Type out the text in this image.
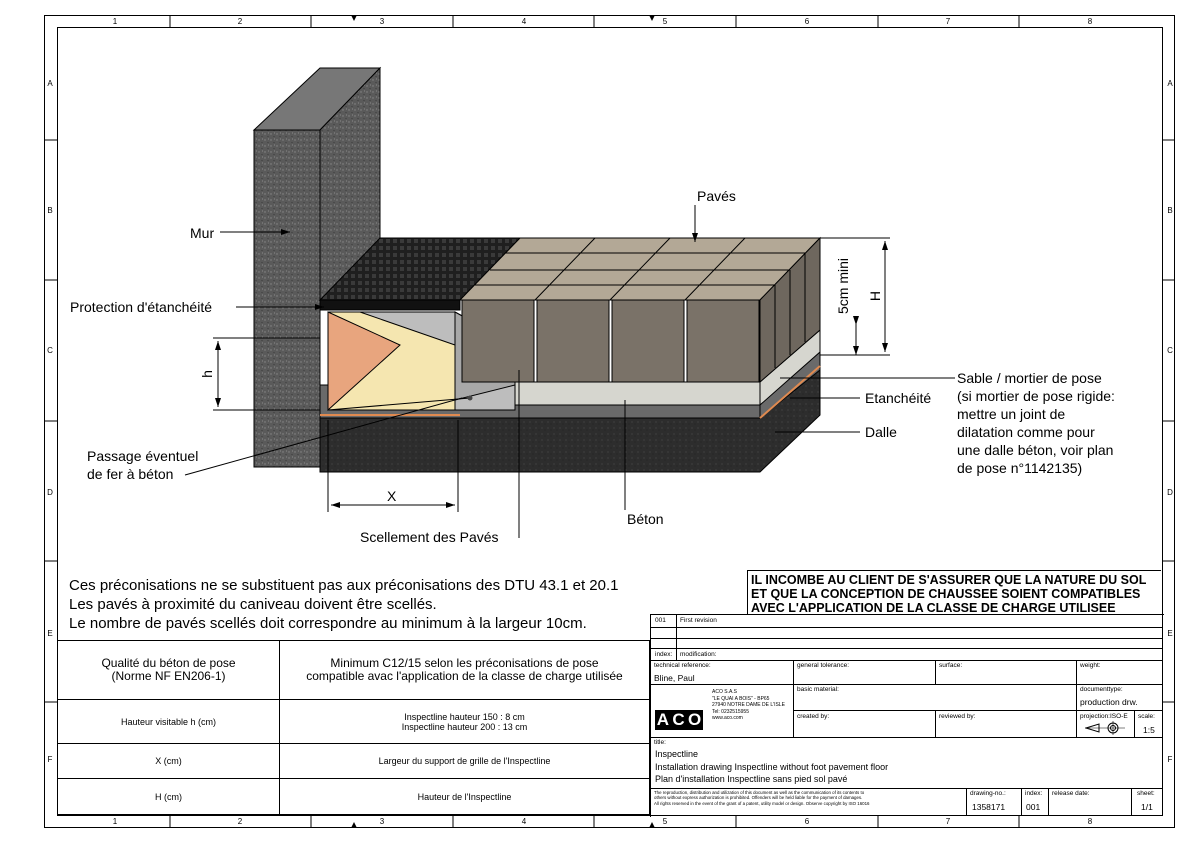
1	2	3	4	5	6	7	8
1	2	3	4	5	6	7	8
A
B
C
D
E
F
A
B
C
D
E
F
Mur
Protection d'étanchéité
h
Passage éventuel
de fer à béton
X
Scellement des Pavés
Béton
Pavés
5cm mini H
Sable / mortier de pose
(si mortier de pose rigide:
mettre un joint de
dilatation comme pour
une dalle béton, voir plan
de pose n°1142135)
Etanchéité
Dalle
Ces préconisations ne se substituent pas aux préconisations des DTU 43.1 et 20.1
Les pavés à proximité du caniveau doivent être scellés.
Le nombre de pavés scellés doit correspondre au minimum à la largeur 10cm.
IL INCOMBE AU CLIENT DE S'ASSURER QUE LA NATURE DU SOL
ET QUE LA CONCEPTION DE CHAUSSEE SOIENT COMPATIBLES
AVEC L'APPLICATION DE LA CLASSE DE CHARGE UTILISEE
Qualité du béton de pose
(Norme NF EN206-1)	Minimum C12/15 selon les préconisations de pose
compatible avac l'application de la classe de charge utilisée
Hauteur visitable h (cm)	Inspectline hauteur 150 : 8 cm
Inspectline hauteur 200 : 13 cm
X (cm)	Largeur du support de grille de l'Inspectline
H (cm)	Hauteur de l'Inspectline
001 First revision
index: modification:
technical reference:
Bline, Paul
general tolerance:	surface:	weight:
A C O
ACO S.A.S
"LE QUAI A BOIS" - BP65
27940 NOTRE DAME DE L'ISLE
Tel: 0232515955
www.aco.com
basic material:	documenttype:
production drw.
created by:	reviewed by:	projection:ISO-E scale:
1:5
title:
Inspectline
Installation drawing Inspectline without foot pavement floor
Plan d'installation Inspectline sans pied sol pavé
The reproduction, distribution and utilization of this document as well as the communication of its contents to
others without express authorization is prohibited. Offenders will be held liable for the payment of damages.
All rights reserved in the event of the grant of a patent, utility model or design. Observe copyright by ISO 16016
drawing-no.:
1358171
index:
001
release date:	sheet:
1/1
